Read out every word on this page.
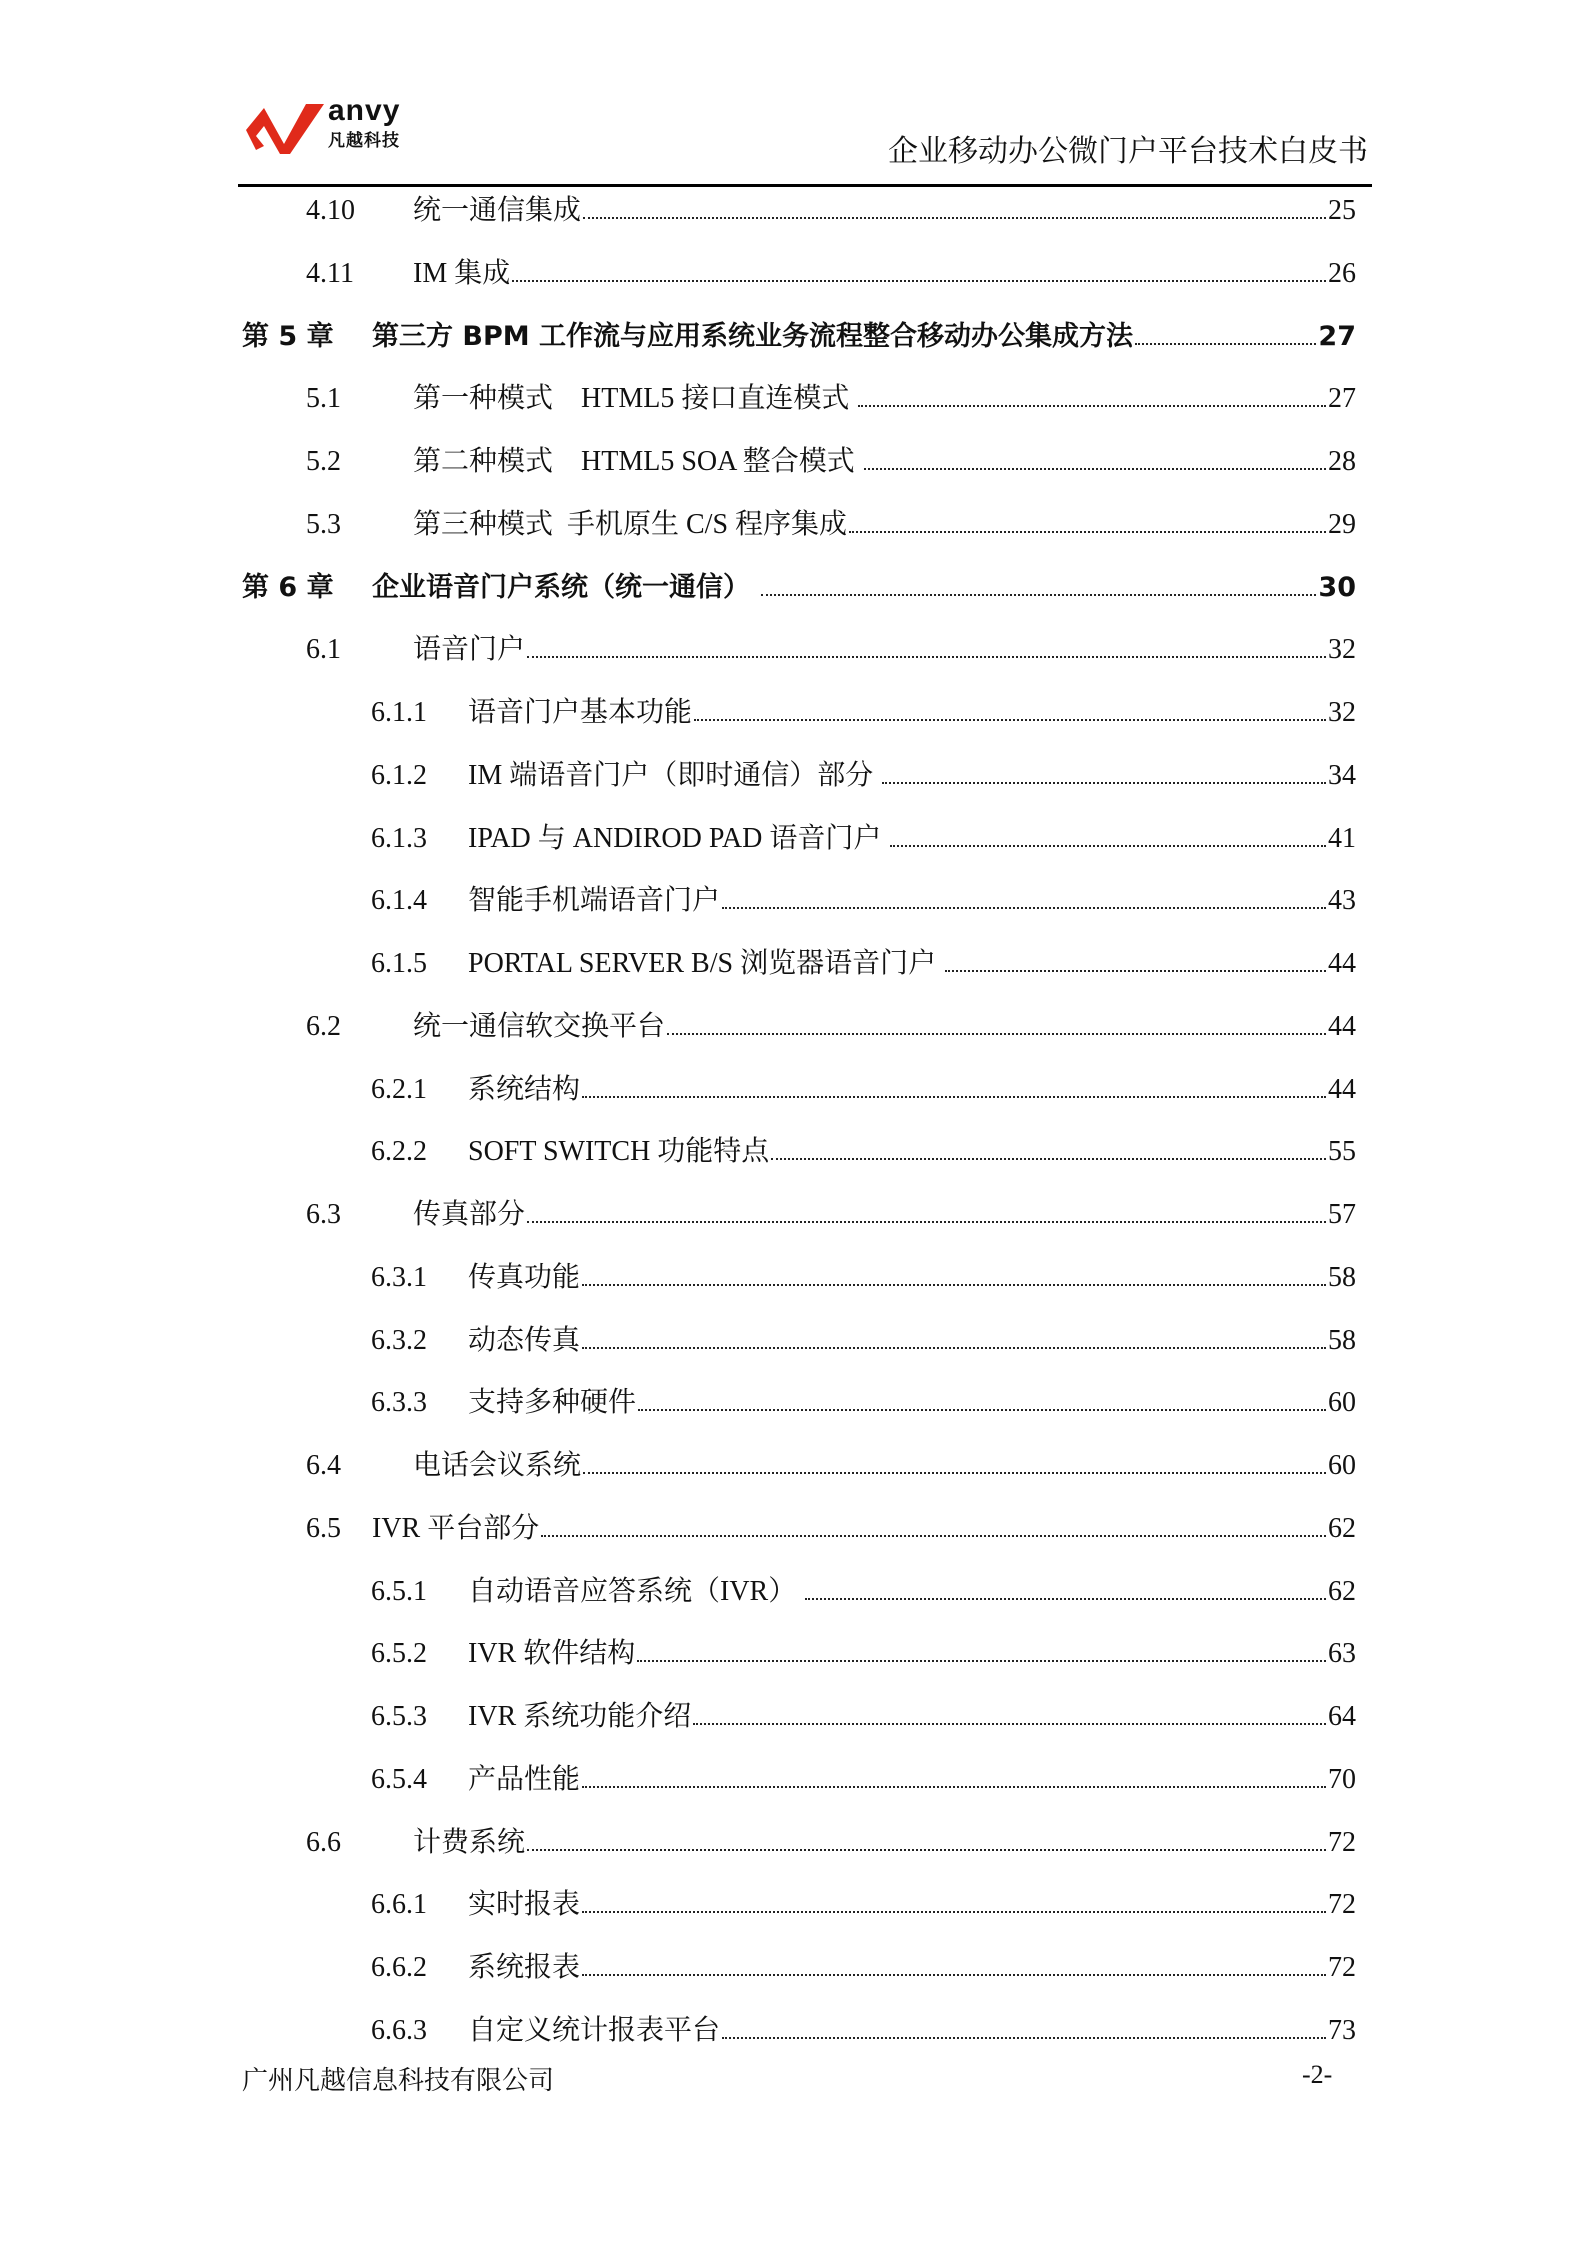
anvy
凡越科技	企业移动办公微门户平台技术白皮书
4.10 统一通信集成	25
4.11 IM 集成	26
第 5 章 第三方 BPM 工作流与应用系统业务流程整合移动办公集成方法	27
5.1	第一种模式　HTML5 接口直连模式	27
5.2	第二种模式　HTML5 SOA 整合模式	28
5.3	第三种模式  手机原生 C/S 程序集成	29
第 6 章 企业语音门户系统（统一通信）	30
6.1	语音门户	32
6.1.1 语音门户基本功能	32
6.1.2 IM 端语音门户（即时通信）部分	34
6.1.3 IPAD 与 ANDIROD PAD 语音门户	41
6.1.4 智能手机端语音门户	43
6.1.5 PORTAL SERVER B/S 浏览器语音门户	44
6.2	统一通信软交换平台	44
6.2.1 系统结构	44
6.2.2 SOFT SWITCH 功能特点	55
6.3	传真部分	57
6.3.1 传真功能	58
6.3.2 动态传真	58
6.3.3 支持多种硬件	60
6.4	电话会议系统	60
6.5 IVR 平台部分	62
6.5.1 自动语音应答系统（IVR）	62
6.5.2 IVR 软件结构	63
6.5.3 IVR 系统功能介绍	64
6.5.4 产品性能	70
6.6	计费系统	72
6.6.1 实时报表	72
6.6.2 系统报表	72
6.6.3 自定义统计报表平台	73
广州凡越信息科技有限公司	-2-
